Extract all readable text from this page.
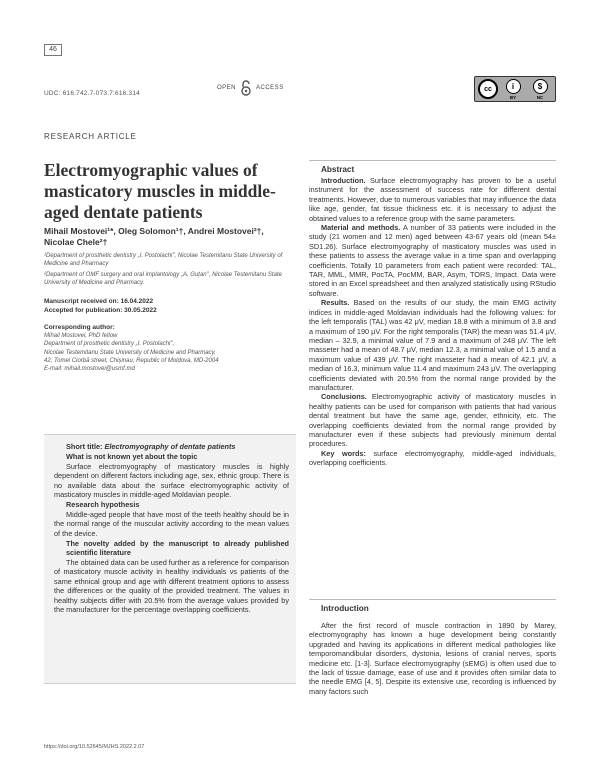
46
UDC: 616.742.7-073.7:616.314
OPEN	ACCESS	cc	i
BY
$
NC
RESEARCH ARTICLE
Electromyographic values of masticatory muscles in middle-aged dentate patients
Mihail Mostovei¹*, Oleg Solomon¹†, Andrei Mostovei²†, Nicolae Chele²†
¹Department of prosthetic dentistry „I. Postolachi", Nicolae Testemitanu State University of Medicine and Pharmacy
²Department of OMF surgery and oral implantology „A. Guțan", Nicolae Testemitanu State University of Medicine and Pharmacy.
Manuscript received on: 16.04.2022
Accepted for publication: 30.05.2022
Corresponding author:
Mihail Mostovei, PhD fellow
Department of prosthetic dentistry „I. Postolachi",
Nicolae Testemitanu State University of Medicine and Pharmacy,
42, Tomei Ciorbă street, Chișinau, Republic of Moldova, MD-2004
E-mail: mihail.mostovei@usmf.md

Short title: Electromyography of dentate patients

What is not known yet about the topic

Surface electromyography of masticatory muscles is highly dependent on different factors including age, sex, ethnic group. There is no available data about the surface electromyographic activity of masticatory muscles in middle-aged Moldavian people.

Research hypothesis

Middle-aged people that have most of the teeth healthy should be in the normal range of the muscular activity according to the mean values of the device.

The novelty added by the manuscript to already published scientific literature

The obtained data can be used further as a reference for comparison of masticatory muscle activity in healthy individuals vs patients of the same ethnical group and age with different treatment options to assess the differences or the quality of the provided treatment. The values in healthy subjects differ with 20.5% from the average values provided by the manufacturer for the percentage overlapping coefficients.

https://doi.org/10.52645/MJHS.2022.2.07
Abstract

Introduction. Surface electromyography has proven to be a useful instrument for the assessment of success rate for different dental treatments. However, due to numerous variables that may influence the data like age, gender, fat tissue thickness etc. it is necessary to adjust the obtained values to a reference group with the same parameters.

Material and methods. A number of 33 patients were included in the study (21 women and 12 men) aged between 43-67 years old (mean 54± SD1.26). Surface electromyography of masticatory muscles was used in these patients to assess the average value in a time span and overlapping coefficients. Totally 10 parameters from each patient were recorded: TAL, TAR, MML, MMR, PocTA, PocMM, BAR, Asym, TORS, Impact. Data were stored in an Excel spreadsheet and then analyzed statistically using RStudio software.

Results. Based on the results of our study, the main EMG activity indices in middle-aged Moldavian individuals had the following values: for the left temporalis (TAL) was 42 μV, median 18.8 with a minimum of 3.8 and a maximum of 190 μV. For the right temporalis (TAR) the mean was 51.4 μV, median – 32.9, a minimal value of 7.9 and a maximum of 248 μV. The left masseter had a mean of 48.7 μV, median 12.3, a minimal value of 1.5 and a maximum value of 439 μV. The right masseter had a mean of 42.1 μV, a median of 16.3, minimum value 11.4 and maximum 243 μV. The overlapping coefficients deviated with 20.5% from the normal range provided by the manufacturer.

Conclusions. Electromyographic activity of masticatory muscles in healthy patients can be used for comparison with patients that had various dental treatment but have the same age, gender, ethnicity, etc. The overlapping coefficients deviated from the normal range provided by manufacturer even if these subjects had previously minimum dental procedures.

Key words: surface electromyography, middle-aged individuals, overlapping coefficients.

Introduction

After the first record of muscle contraction in 1890 by Marey, electromyography has known a huge development being constantly upgraded and having its applications in different medical pathologies like temporomandibular disorders, dystonia, lesions of cranial nerves, sports medicine etc. [1-3]. Surface electromyography (sEMG) is often used due to the lack of tissue damage, ease of use and it provides often similar data to the needle EMG [4, 5]. Despite its extensive use, recording is influenced by many factors such
